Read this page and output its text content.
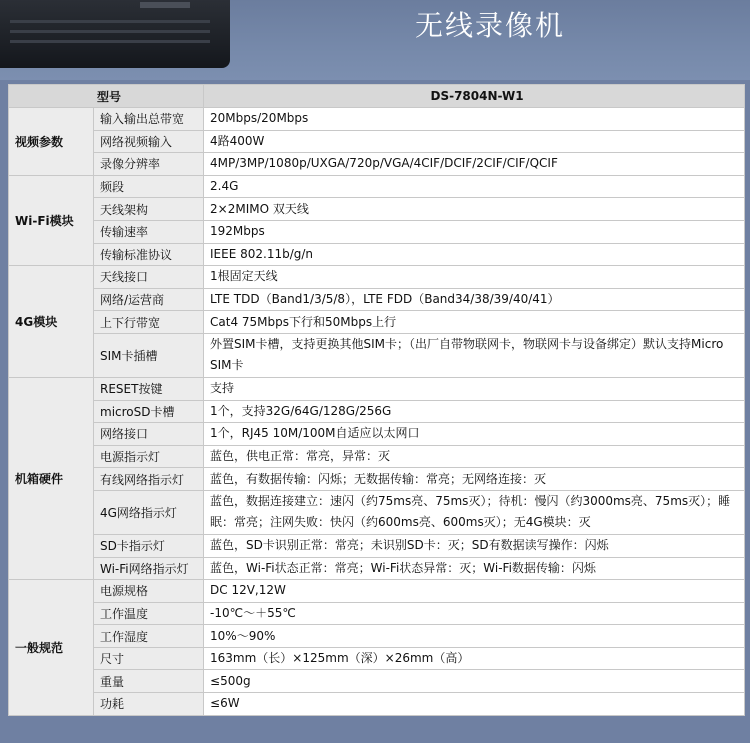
无线录像机
型号		DS-7804N-W1
视频参数	输入输出总带宽	20Mbps/20Mbps
	网络视频输入	4路400W
	录像分辨率	4MP/3MP/1080p/UXGA/720p/VGA/4CIF/DCIF/2CIF/CIF/QCIF
Wi-Fi模块	频段	2.4G
	天线架构	2×2MIMO 双天线
	传输速率	192Mbps
	传输标准协议	IEEE 802.11b/g/n
4G模块	天线接口	1根固定天线
	网络/运营商	LTE TDD（Band1/3/5/8），LTE FDD（Band34/38/39/40/41）
	上下行带宽	Cat4 75Mbps下行和50Mbps上行
	SIM卡插槽	外置SIM卡槽，支持更换其他SIM卡；（出厂自带物联网卡，物联网卡与设备绑定）默认支持Micro SIM卡
机箱硬件	RESET按键	支持
	microSD卡槽	1个，支持32G/64G/128G/256G
	网络接口	1个，RJ45 10M/100M自适应以太网口
	电源指示灯	蓝色，供电正常：常亮，异常：灭
	有线网络指示灯	蓝色，有数据传输：闪烁；无数据传输：常亮；无网络连接：灭
	4G网络指示灯	蓝色，数据连接建立：速闪（约75ms亮、75ms灭）；待机：慢闪（约3000ms亮、75ms灭）；睡眠：常亮；注网失败：快闪（约600ms亮、600ms灭）；无4G模块：灭
	SD卡指示灯	蓝色，SD卡识别正常：常亮；未识别SD卡：灭；SD有数据读写操作：闪烁
	Wi-Fi网络指示灯	蓝色，Wi-Fi状态正常：常亮；Wi-Fi状态异常：灭；Wi-Fi数据传输：闪烁
一般规范	电源规格	DC 12V,12W
	工作温度	-10℃～＋55℃
	工作湿度	10%～90%
	尺寸	163mm（长）×125mm（深）×26mm（高）
	重量	≤500g
	功耗	≤6W
